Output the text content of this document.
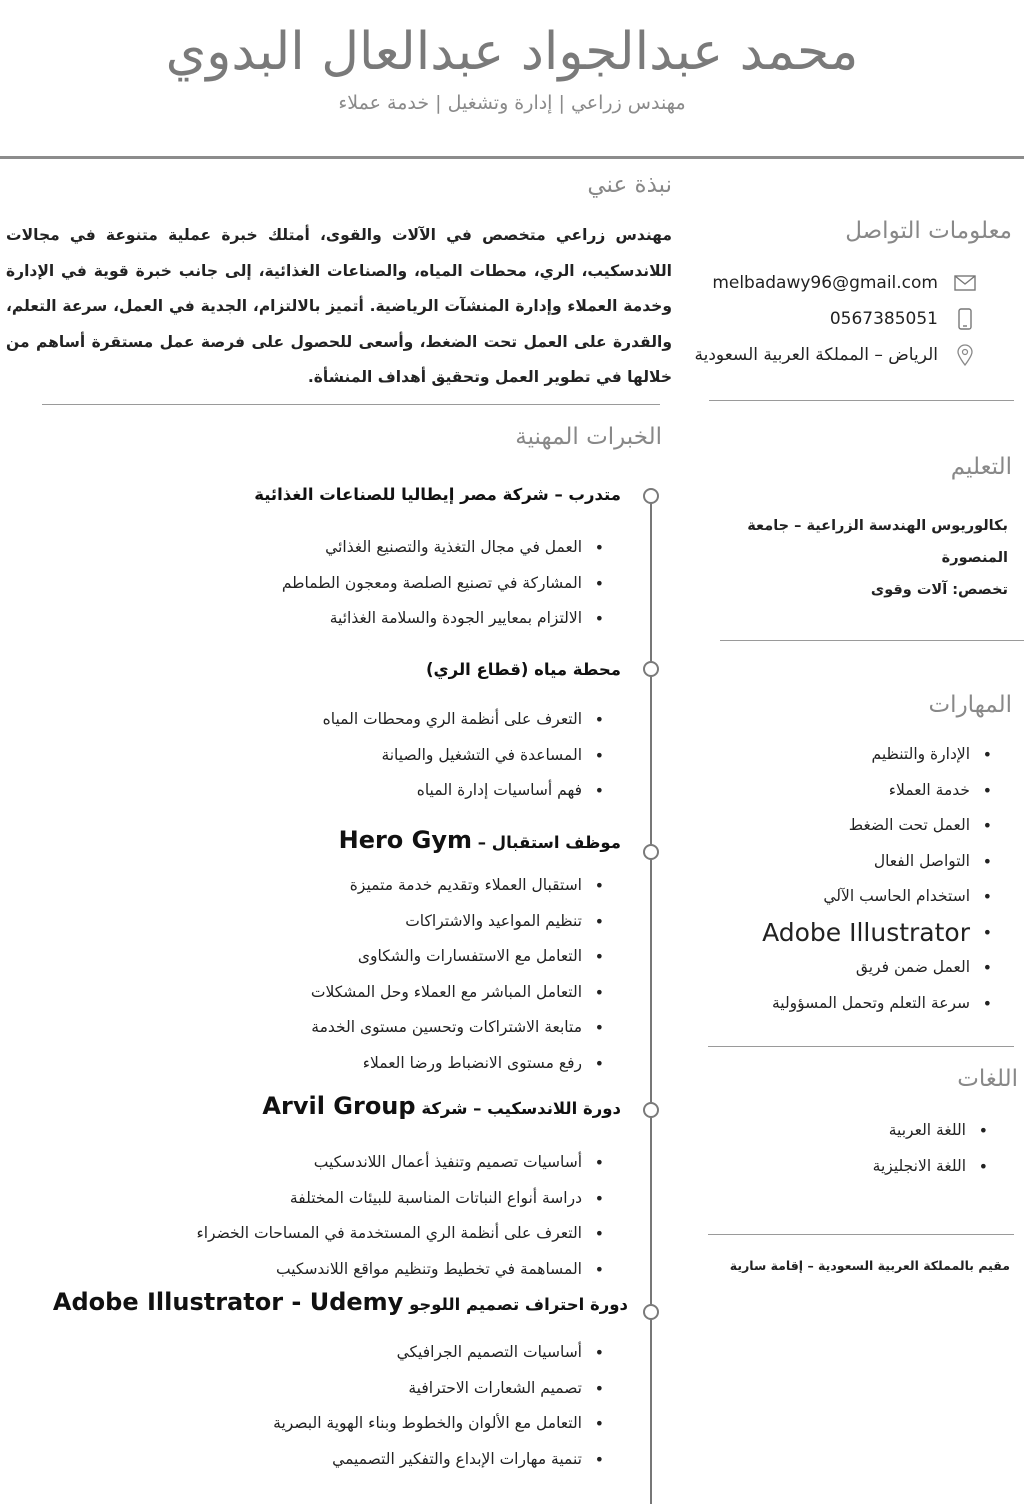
محمد عبدالجواد عبدالعال البدوي
مهندس زراعي | إدارة وتشغيل | خدمة عملاء
نبذة عني
مهندس زراعي متخصص في الآلات والقوى، أمتلك خبرة عملية متنوعة في مجالات اللاندسكيب، الري، محطات المياه، والصناعات الغذائية، إلى جانب خبرة قوية في الإدارة وخدمة العملاء وإدارة المنشآت الرياضية. أتميز بالالتزام، الجدية في العمل، سرعة التعلم، والقدرة على العمل تحت الضغط، وأسعى للحصول على فرصة عمل مستقرة أساهم من خلالها في تطوير العمل وتحقيق أهداف المنشأة.
معلومات التواصل
melbadawy96@gmail.com
0567385051
الرياض – المملكة العربية السعودية
التعليم
بكالوريوس الهندسة الزراعية – جامعة المنصورة
تخصص: آلات وقوى
المهارات
• الإدارة والتنظيم
• خدمة العملاء
• العمل تحت الضغط
• التواصل الفعال
• استخدام الحاسب الآلي
• Adobe Illustrator
• العمل ضمن فريق
• سرعة التعلم وتحمل المسؤولية
اللغات
• اللغة العربية
• اللغة الانجليزية
مقيم بالمملكة العربية السعودية – إقامة سارية
الخبرات المهنية
متدرب – شركة مصر إيطاليا للصناعات الغذائية
• العمل في مجال التغذية والتصنيع الغذائي
• المشاركة في تصنيع الصلصة ومعجون الطماطم
• الالتزام بمعايير الجودة والسلامة الغذائية
محطة مياه (قطاع الري)
• التعرف على أنظمة الري ومحطات المياه
• المساعدة في التشغيل والصيانة
• فهم أساسيات إدارة المياه
موظف استقبال – Hero Gym
• استقبال العملاء وتقديم خدمة متميزة
• تنظيم المواعيد والاشتراكات
• التعامل مع الاستفسارات والشكاوى
• التعامل المباشر مع العملاء وحل المشكلات
• متابعة الاشتراكات وتحسين مستوى الخدمة
• رفع مستوى الانضباط ورضا العملاء
دورة اللاندسكيب – شركة Arvil Group
• أساسيات تصميم وتنفيذ أعمال اللاندسكيب
• دراسة أنواع النباتات المناسبة للبيئات المختلفة
• التعرف على أنظمة الري المستخدمة في المساحات الخضراء
• المساهمة في تخطيط وتنظيم مواقع اللاندسكيب
دورة احتراف تصميم اللوجو Adobe Illustrator - Udemy
• أساسيات التصميم الجرافيكي
• تصميم الشعارات الاحترافية
• التعامل مع الألوان والخطوط وبناء الهوية البصرية
• تنمية مهارات الإبداع والتفكير التصميمي
